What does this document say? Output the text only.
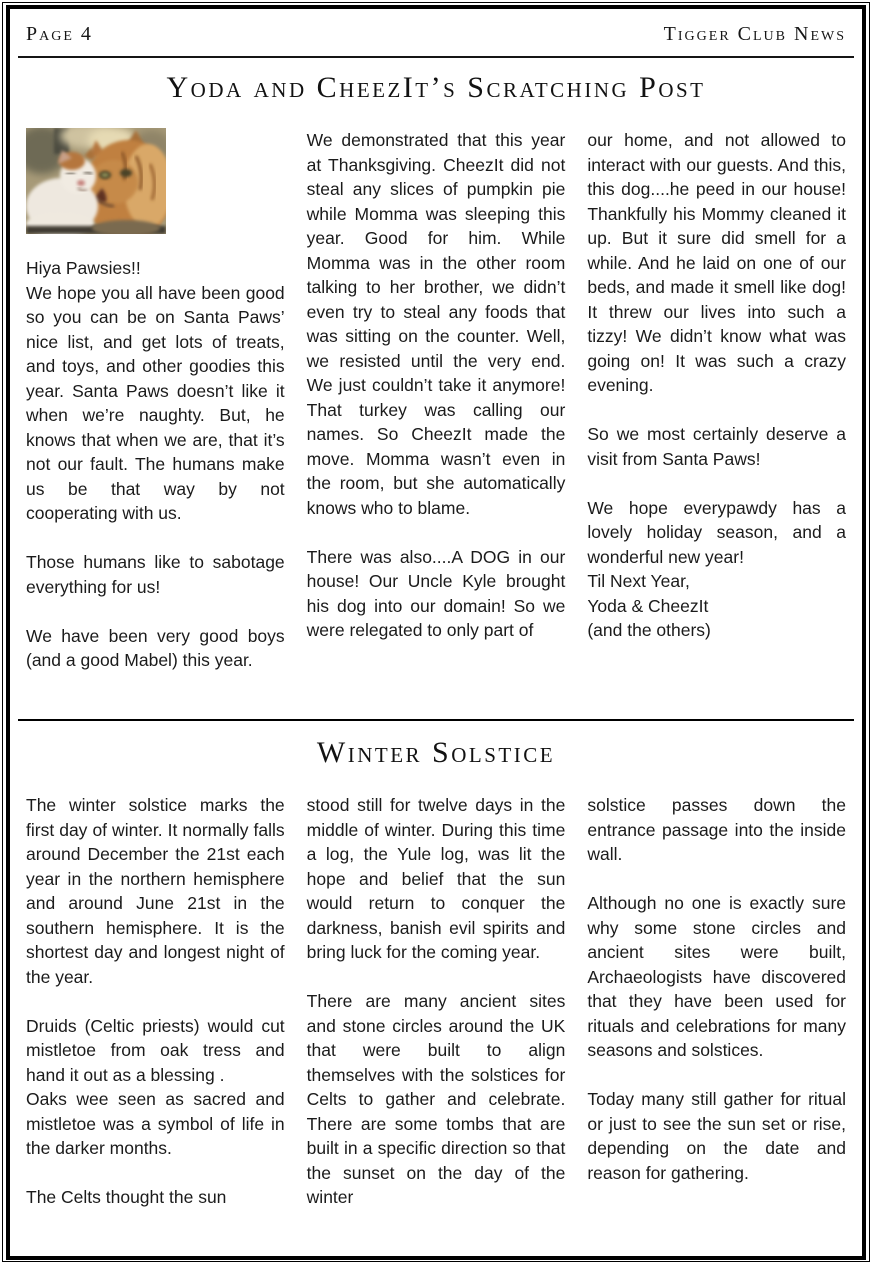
Page 4	Tigger Club News
Yoda and CheezIt’s Scratching Post

Hiya Pawsies!!

We hope you all have been good so you can be on Santa Paws’ nice list, and get lots of treats, and toys, and other goodies this year. Santa Paws doesn’t like it when we’re naughty. But, he knows that when we are, that it’s not our fault. The humans make us be that way by not cooperating with us.

Those humans like to sabotage everything for us!

We have been very good boys (and a good Mabel) this year.

We demonstrated that this year at Thanksgiving. CheezIt did not steal any slices of pumpkin pie while Momma was sleeping this year. Good for him. While Momma was in the other room talking to her brother, we didn’t even try to steal any foods that was sitting on the counter. Well, we resisted until the very end. We just couldn’t take it anymore! That turkey was calling our names. So CheezIt made the move. Momma wasn’t even in the room, but she automatically knows who to blame.

There was also....A DOG in our house! Our Uncle Kyle brought his dog into our domain! So we were relegated to only part of

our home, and not allowed to interact with our guests. And this, this dog....he peed in our house! Thankfully his Mommy cleaned it up. But it sure did smell for a while. And he laid on one of our beds, and made it smell like dog! It threw our lives into such a tizzy! We didn’t know what was going on! It was such a crazy evening.

So we most certainly deserve a visit from Santa Paws!

We hope everypawdy has a lovely holiday season, and a wonderful new year!

Til Next Year,

Yoda & CheezIt

(and the others)

Winter Solstice

The winter solstice marks the first day of winter. It normally falls around December the 21st each year in the northern hemisphere and around June 21st in the southern hemisphere. It is the shortest day and longest night of the year.

Druids (Celtic priests) would cut mistletoe from oak tress and hand it out as a blessing .

Oaks wee seen as sacred and mistletoe was a symbol of life in the darker months.

The Celts thought the sun

stood still for twelve days in the middle of winter. During this time a log, the Yule log, was lit the hope and belief that the sun would return to conquer the darkness, banish evil spirits and bring luck for the coming year.

There are many ancient sites and stone circles around the UK that were built to align themselves with the solstices for Celts to gather and celebrate. There are some tombs that are built in a specific direction so that the sunset on the day of the winter

solstice passes down the entrance passage into the inside wall.

Although no one is exactly sure why some stone circles and ancient sites were built, Archaeologists have discovered that they have been used for rituals and celebrations for many seasons and solstices.

Today many still gather for ritual or just to see the sun set or rise, depending on the date and reason for gathering.
